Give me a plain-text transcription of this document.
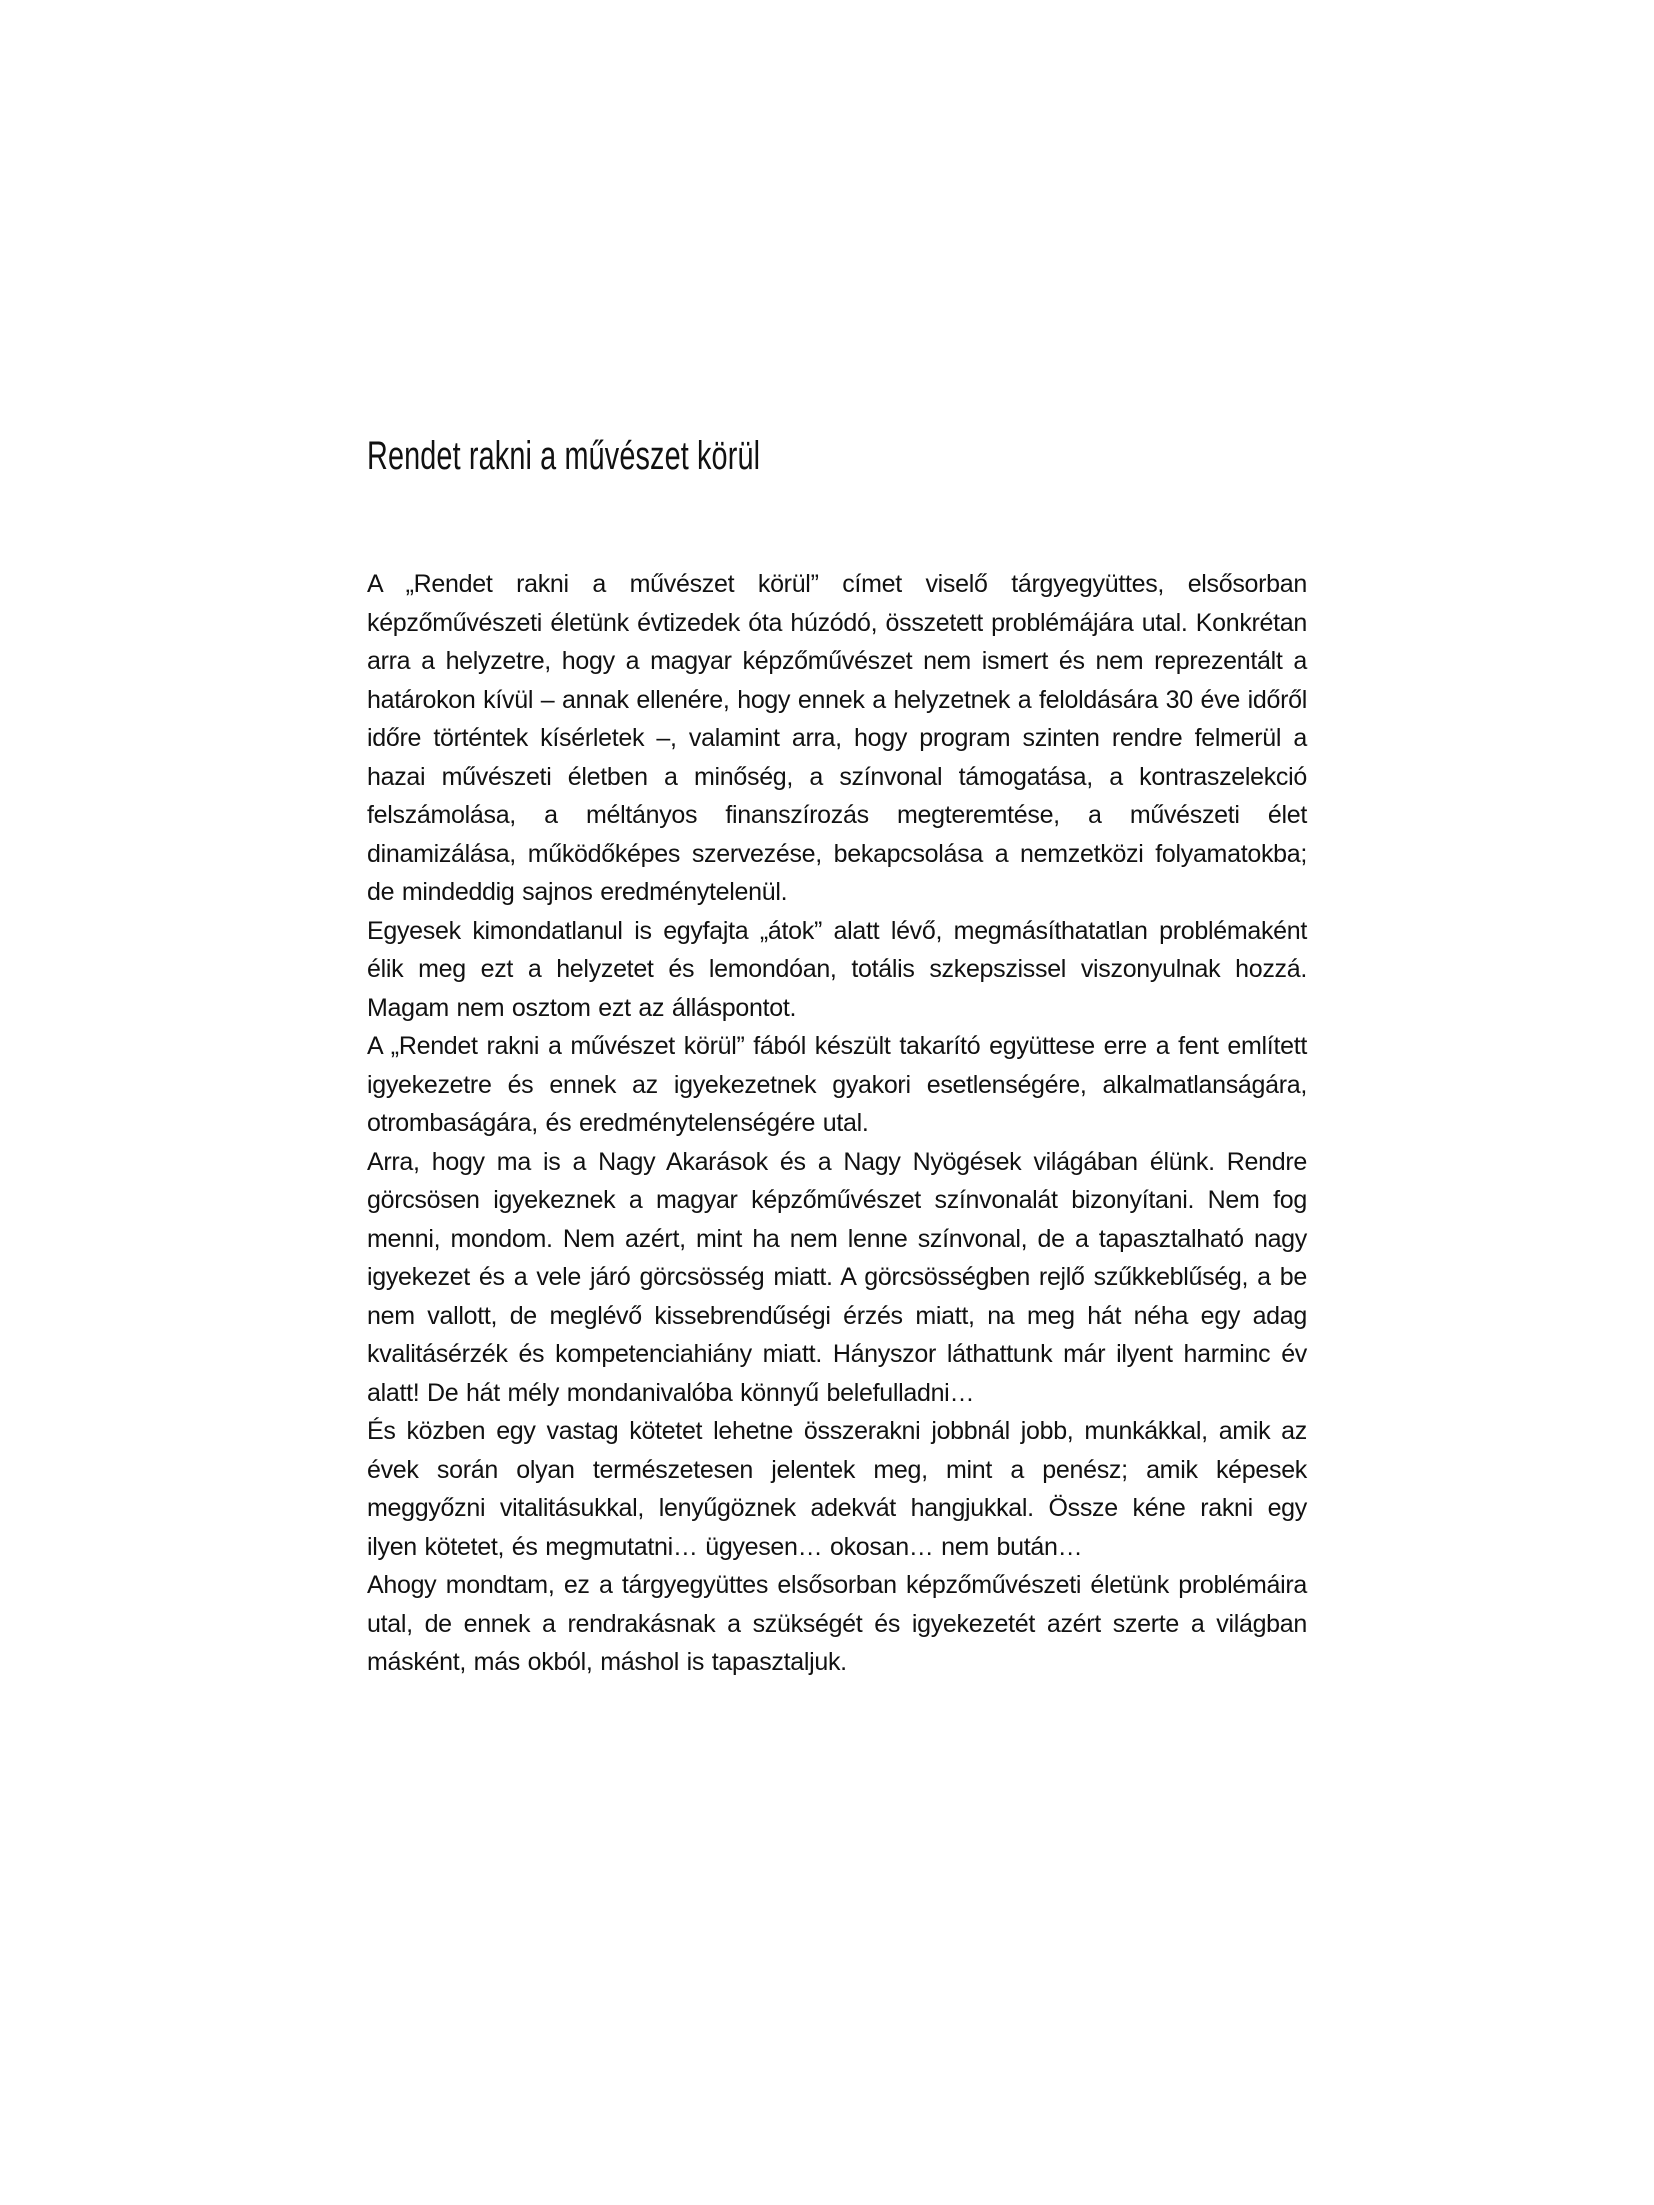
Rendet rakni a művészet körül

A „Rendet rakni a művészet körül” címet viselő tárgyegyüttes, elsősorban képzőművészeti életünk évtizedek óta húzódó, összetett problémájára utal. Konkrétan arra a helyzetre, hogy a magyar képzőművészet nem ismert és nem reprezentált a határokon kívül – annak ellenére, hogy ennek a helyzetnek a feloldására 30 éve időről időre történtek kísérletek –, valamint arra, hogy program szinten rendre felmerül a hazai művészeti életben a minőség, a színvonal támogatása, a kontraszelekció felszámolása, a méltányos finanszírozás megteremtése, a művészeti élet dinamizálása, működőképes szervezése, bekapcsolása a nemzetközi folyamatokba; de mindeddig sajnos eredménytelenül.

Egyesek kimondatlanul is egyfajta „átok” alatt lévő, megmásíthatatlan problémaként élik meg ezt a helyzetet és lemondóan, totális szkepszissel viszonyulnak hozzá. Magam nem osztom ezt az álláspontot.

A „Rendet rakni a művészet körül” fából készült takarító együttese erre a fent említett igyekezetre és ennek az igyekezetnek gyakori esetlenségére, alkalmatlanságára, otrombaságára, és eredménytelenségére utal.

Arra, hogy ma is a Nagy Akarások és a Nagy Nyögések világában élünk. Rendre görcsösen igyekeznek a magyar képzőművészet színvonalát bizonyítani. Nem fog menni, mondom. Nem azért, mint ha nem lenne színvonal, de a tapasztalható nagy igyekezet és a vele járó görcsösség miatt. A görcsösségben rejlő szűkkeblűség, a be nem vallott, de meglévő kissebrendűségi érzés miatt, na meg hát néha egy adag kvalitásérzék és kompetenciahiány miatt. Hányszor láthattunk már ilyent harminc év alatt! De hát mély mondanivalóba könnyű belefulladni…

És közben egy vastag kötetet lehetne összerakni jobbnál jobb, munkákkal, amik az évek során olyan természetesen jelentek meg, mint a penész; amik képesek meggyőzni vitalitásukkal, lenyűgöznek adekvát hangjukkal. Össze kéne rakni egy ilyen kötetet, és megmutatni… ügyesen… okosan… nem bután…

Ahogy mondtam, ez a tárgyegyüttes elsősorban képzőművészeti életünk problémáira utal, de ennek a rendrakásnak a szükségét és igyekezetét azért szerte a világban másként, más okból, máshol is tapasztaljuk.
